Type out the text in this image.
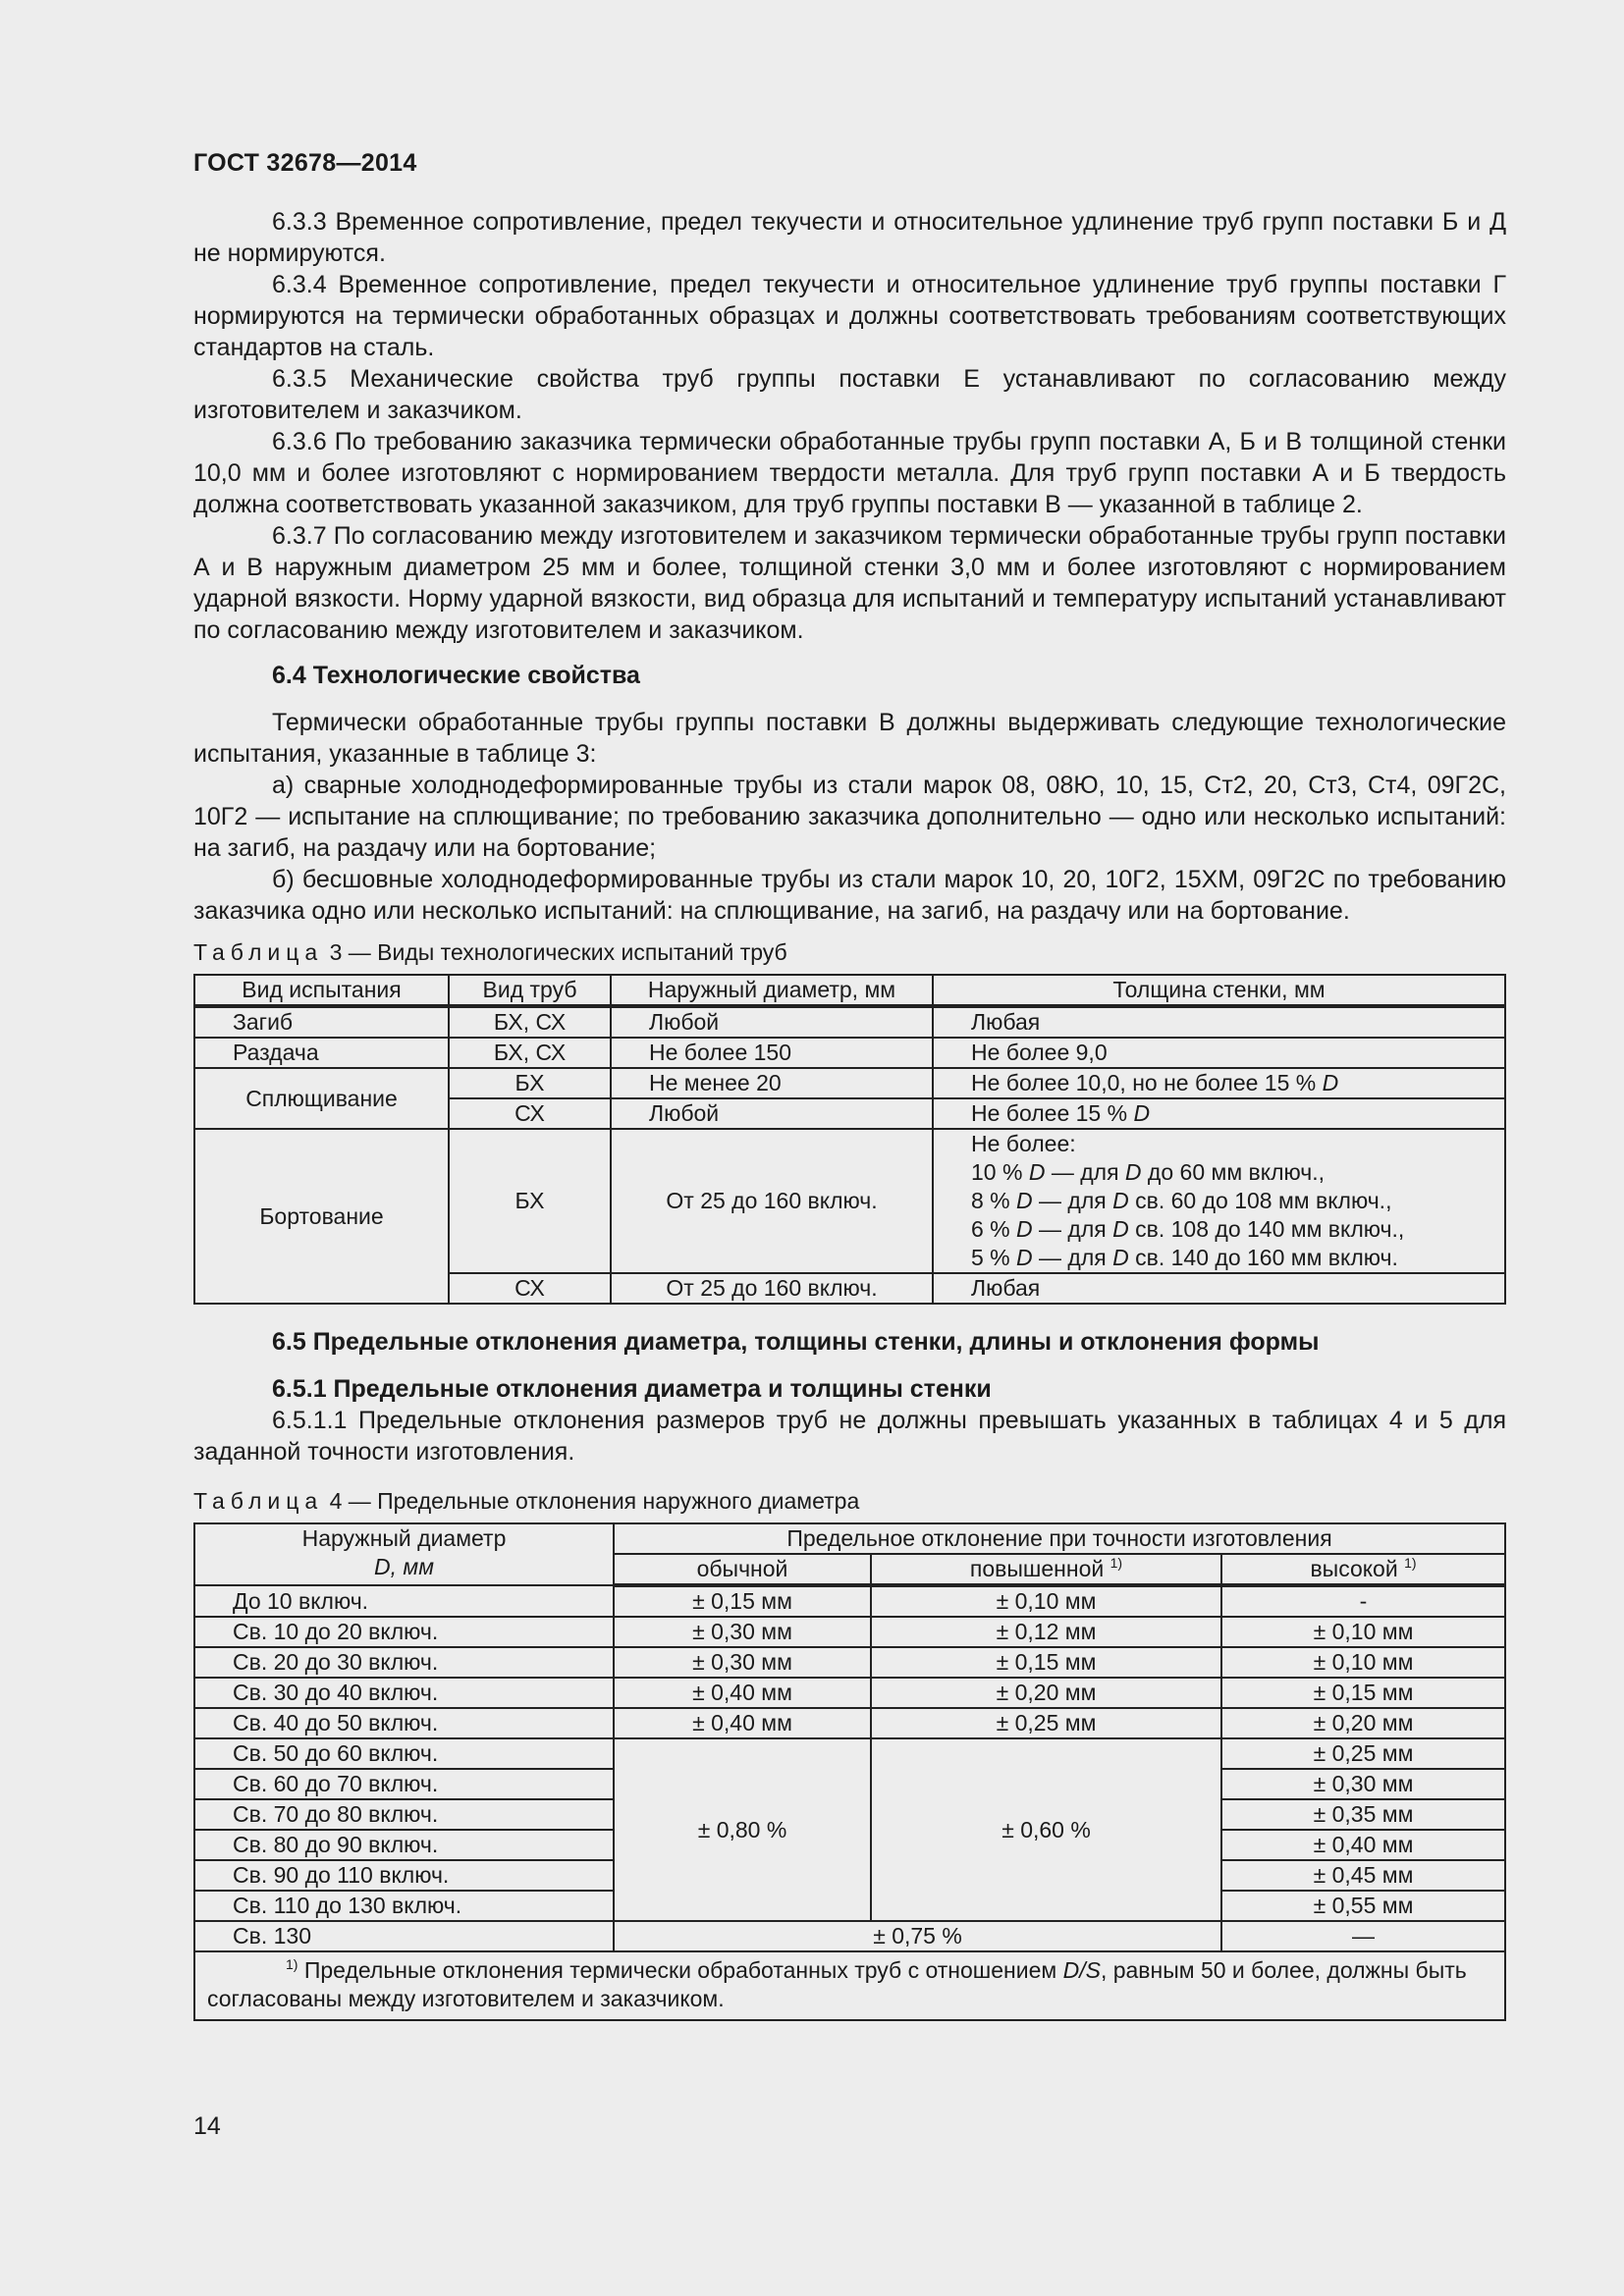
ГОСТ 32678—2014

6.3.3 Временное сопротивление, предел текучести и относительное удлинение труб групп поставки Б и Д не нормируются.

6.3.4 Временное сопротивление, предел текучести и относительное удлинение труб группы поставки Г нормируются на термически обработанных образцах и должны соответствовать требованиям соответствующих стандартов на сталь.

6.3.5 Механические свойства труб группы поставки Е устанавливают по согласованию между изготовителем и заказчиком.

6.3.6 По требованию заказчика термически обработанные трубы групп поставки А, Б и В толщиной стенки 10,0 мм и более изготовляют с нормированием твердости металла. Для труб групп поставки А и Б твердость должна соответствовать указанной заказчиком, для труб группы поставки В — указанной в таблице 2.

6.3.7 По согласованию между изготовителем и заказчиком термически обработанные трубы групп поставки А и В наружным диаметром 25 мм и более, толщиной стенки 3,0 мм и более изготовляют с нормированием ударной вязкости. Норму ударной вязкости, вид образца для испытаний и температуру испытаний устанавливают по согласованию между изготовителем и заказчиком.

6.4 Технологические свойства

Термически обработанные трубы группы поставки В должны выдерживать следующие технологические испытания, указанные в таблице 3:

а) сварные холоднодеформированные трубы из стали марок 08, 08Ю, 10, 15, Ст2, 20, Ст3, Ст4, 09Г2С, 10Г2 — испытание на сплющивание; по требованию заказчика дополнительно — одно или несколько испытаний: на загиб, на раздачу или на бортование;

б) бесшовные холоднодеформированные трубы из стали марок 10, 20, 10Г2, 15ХМ, 09Г2С по требованию заказчика одно или несколько испытаний: на сплющивание, на загиб, на раздачу или на бортование.

Таблица 3 — Виды технологических испытаний труб
Вид испытания	Вид труб	Наружный диаметр, мм	Толщина стенки, мм
Загиб	БХ, СХ	Любой	Любая
Раздача	БХ, СХ	Не более 150	Не более 9,0
Сплющивание	БХ	Не менее 20	Не более 10,0, но не более 15 % D
	СХ	Любой	Не более 15 % D
Бортование	БХ	От 25 до 160 включ.	Не более:
10 % D — для D до 60 мм включ.,
8 % D — для D св. 60 до 108 мм включ.,
6 % D — для D св. 108 до 140 мм включ.,
5 % D — для D св. 140 до 160 мм включ.

	СХ	От 25 до 160 включ.	Любая
6.5 Предельные отклонения диаметра, толщины стенки, длины и отклонения формы
6.5.1 Предельные отклонения диаметра и толщины стенки

6.5.1.1 Предельные отклонения размеров труб не должны превышать указанных в таблицах 4 и 5 для заданной точности изготовления.

Таблица 4 — Предельные отклонения наружного диаметра
Наружный диаметр
D, мм	Предельное отклонение при точности изготовления		
	обычной	повышенной $^{1)}$	высокой $^{1)}$
До 10 включ.	± 0,15 мм	± 0,10 мм	-
Св. 10 до 20 включ.	± 0,30 мм	± 0,12 мм	± 0,10 мм
Св. 20 до 30 включ.	± 0,30 мм	± 0,15 мм	± 0,10 мм
Св. 30 до 40 включ.	± 0,40 мм	± 0,20 мм	± 0,15 мм
Св. 40 до 50 включ.	± 0,40 мм	± 0,25 мм	± 0,20 мм
Св. 50 до 60 включ.	± 0,80 %	± 0,60 %	± 0,25 мм
Св. 60 до 70 включ.			± 0,30 мм
Св. 70 до 80 включ.			± 0,35 мм
Св. 80 до 90 включ.			± 0,40 мм
Св. 90 до 110 включ.			± 0,45 мм
Св. 110 до 130 включ.			± 0,55 мм
Св. 130	± 0,75 %		—
$^{1)}$ Предельные отклонения термически обработанных труб с отношением D/S, равным 50 и более, должны быть согласованы между изготовителем и заказчиком.			
14
